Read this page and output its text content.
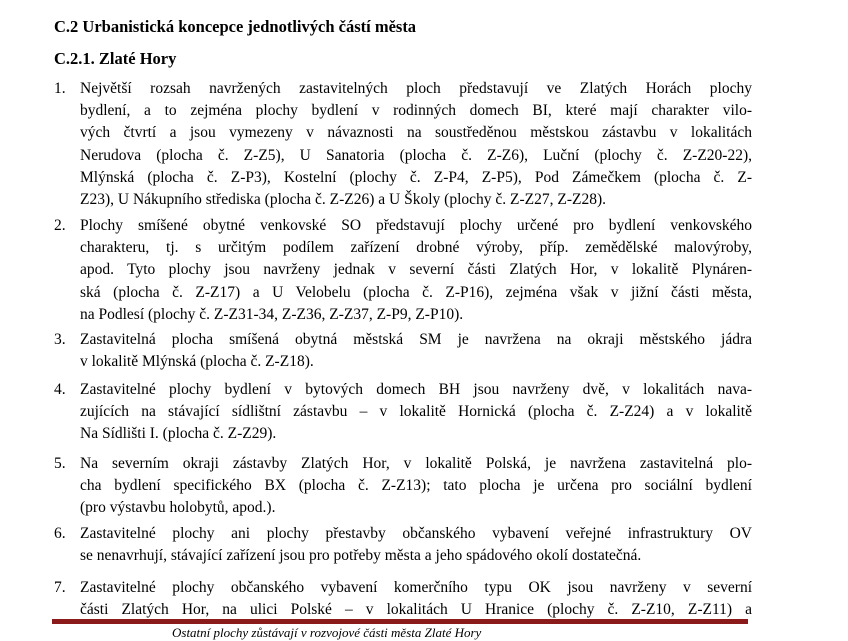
C.2 Urbanistická koncepce jednotlivých částí města
C.2.1. Zlaté Hory
1. Největší rozsah navržených zastavitelných ploch představují ve Zlatých Horách plochy
bydlení, a to zejména plochy bydlení v rodinných domech BI, které mají charakter vilo-
vých čtvrtí a jsou vymezeny v návaznosti na soustředěnou městskou zástavbu v lokalitách
Nerudova (plocha č. Z-Z5), U Sanatoria (plocha č. Z-Z6), Luční (plochy č. Z-Z20-22),
Mlýnská (plocha č. Z-P3), Kostelní (plochy č. Z-P4, Z-P5), Pod Zámečkem (plocha č. Z-
Z23), U Nákupního střediska (plocha č. Z-Z26) a U Školy (plochy č. Z-Z27, Z-Z28).
2. Plochy smíšené obytné venkovské SO představují plochy určené pro bydlení venkovského
charakteru, tj. s určitým podílem zařízení drobné výroby, příp. zemědělské malovýroby,
apod. Tyto plochy jsou navrženy jednak v severní části Zlatých Hor, v lokalitě Plynáren-
ská (plocha č. Z-Z17) a U Velobelu (plocha č. Z-P16), zejména však v jižní části města,
na Podlesí (plochy č. Z-Z31-34, Z-Z36, Z-Z37, Z-P9, Z-P10).
3. Zastavitelná plocha smíšená obytná městská SM je navržena na okraji městského jádra
v lokalitě Mlýnská (plocha č. Z-Z18).
4. Zastavitelné plochy bydlení v bytových domech BH jsou navrženy dvě, v lokalitách nava-
zujících na stávající sídlištní zástavbu – v lokalitě Hornická (plocha č. Z-Z24) a v lokalitě
Na Sídlišti I. (plocha č. Z-Z29).
5. Na severním okraji zástavby Zlatých Hor, v lokalitě Polská, je navržena zastavitelná plo-
cha bydlení specifického BX (plocha č. Z-Z13); tato plocha je určena pro sociální bydlení
(pro výstavbu holobytů, apod.).
6. Zastavitelné plochy ani plochy přestavby občanského vybavení veřejné infrastruktury OV
se nenavrhují, stávající zařízení jsou pro potřeby města a jeho spádového okolí dostatečná.
7. Zastavitelné plochy občanského vybavení komerčního typu OK jsou navrženy v severní
části Zlatých Hor, na ulici Polské – v lokalitách U Hranice (plochy č. Z-Z10, Z-Z11) a
Ostatní plochy zůstávají v rozvojové části města Zlaté Hory
